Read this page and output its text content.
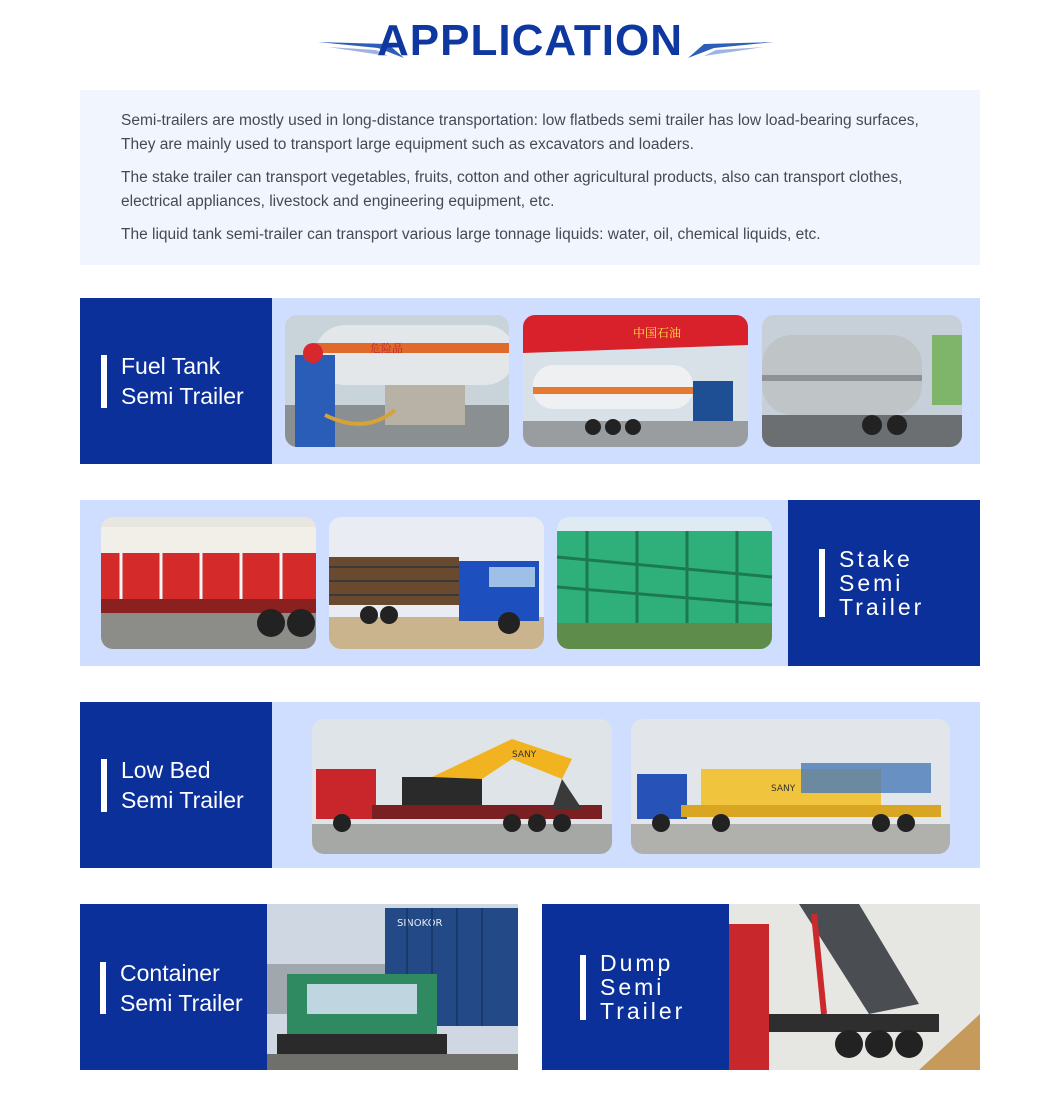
APPLICATION

Semi-trailers are mostly used in long-distance transportation: low flatbeds semi trailer has low load-bearing surfaces, They are mainly used to transport large equipment such as excavators and loaders.

The stake trailer can transport vegetables, fruits, cotton and other agricultural products, also can transport clothes, electrical appliances, livestock and engineering equipment, etc.

The liquid tank semi-trailer can transport various large tonnage liquids: water, oil, chemical liquids, etc.

Fuel Tank
Semi Trailer
危险品
中国石油
Stake
Semi
Trailer
Low Bed
Semi Trailer
SANY
SANY
Container
Semi Trailer
SINOKOR
Dump
Semi
Trailer
